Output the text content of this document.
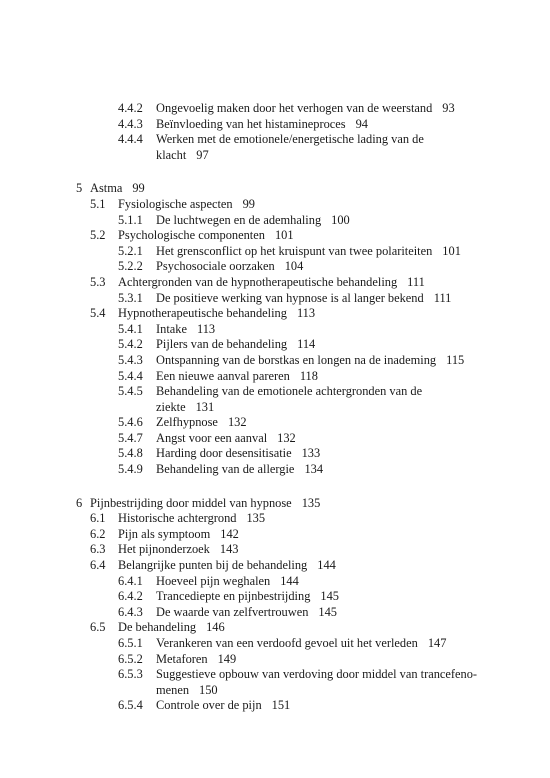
4.4.2 Ongevoelig maken door het verhogen van de weerstand 93
4.4.3 Beïnvloeding van het histamineproces 94
4.4.4 Werken met de emotionele/energetische lading van de
klacht 97
5 Astma 99
5.1 Fysiologische aspecten 99
5.1.1 De luchtwegen en de ademhaling 100
5.2 Psychologische componenten 101
5.2.1 Het grensconflict op het kruispunt van twee polariteiten 101
5.2.2 Psychosociale oorzaken 104
5.3 Achtergronden van de hypnotherapeutische behandeling 111
5.3.1 De positieve werking van hypnose is al langer bekend 111
5.4 Hypnotherapeutische behandeling 113
5.4.1 Intake 113
5.4.2 Pijlers van de behandeling 114
5.4.3 Ontspanning van de borstkas en longen na de inademing 115
5.4.4 Een nieuwe aanval pareren 118
5.4.5 Behandeling van de emotionele achtergronden van de
ziekte 131
5.4.6 Zelfhypnose 132
5.4.7 Angst voor een aanval 132
5.4.8 Harding door desensitisatie 133
5.4.9 Behandeling van de allergie 134
6 Pijnbestrijding door middel van hypnose 135
6.1 Historische achtergrond 135
6.2 Pijn als symptoom 142
6.3 Het pijnonderzoek 143
6.4 Belangrijke punten bij de behandeling 144
6.4.1 Hoeveel pijn weghalen 144
6.4.2 Trancediepte en pijnbestrijding 145
6.4.3 De waarde van zelfvertrouwen 145
6.5 De behandeling 146
6.5.1 Verankeren van een verdoofd gevoel uit het verleden 147
6.5.2 Metaforen 149
6.5.3 Suggestieve opbouw van verdoving door middel van trancefeno-
menen 150
6.5.4 Controle over de pijn 151
